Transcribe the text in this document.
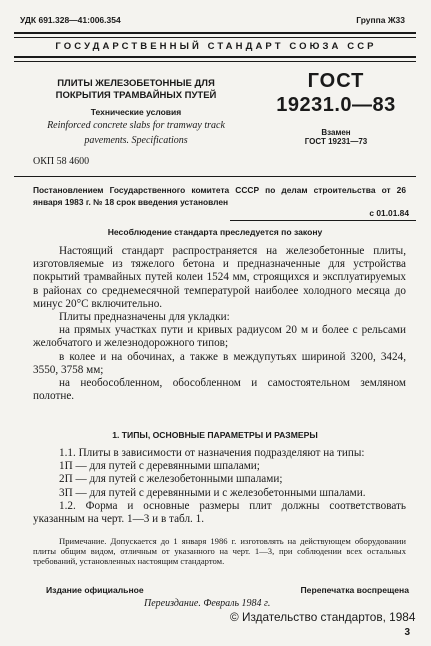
УДК 691.328—41:006.354	Группа Ж33
ГОСУДАРСТВЕННЫЙ СТАНДАРТ СОЮЗА ССР
ПЛИТЫ ЖЕЛЕЗОБЕТОННЫЕ ДЛЯ
ПОКРЫТИЯ ТРАМВАЙНЫХ ПУТЕЙ
Технические условия
Reinforced concrete slabs for tramway track
pavements. Specifications
ГОСТ
19231.0—83
Взамен
ГОСТ 19231—73
ОКП 58 4600
Постановлением Государственного комитета СССР по делам строительства от 26 января 1983 г. № 18 срок введения установлен
с 01.01.84
Несоблюдение стандарта преследуется по закону

Настоящий стандарт распространяется на железобетонные плиты, изготовляемые из тяжелого бетона и предназначенные для устройства покрытий трамвайных путей колеи 1524 мм, строящихся и эксплуатируемых в районах со среднемесячной температурой наиболее холодного месяца до минус 20°С включительно.

Плиты предназначены для укладки:

на прямых участках пути и кривых радиусом 20 м и более с рельсами желобчатого и железнодорожного типов;

в колее и на обочинах, а также в междупутьях шириной 3200, 3424, 3550, 3758 мм;

на необособленном, обособленном и самостоятельном земляном полотне.

1. ТИПЫ, ОСНОВНЫЕ ПАРАМЕТРЫ И РАЗМЕРЫ

1.1. Плиты в зависимости от назначения подразделяют на типы:

1П — для путей с деревянными шпалами;

2П — для путей с железобетонными шпалами;

3П — для путей с деревянными и с железобетонными шпалами.

1.2. Форма и основные размеры плит должны соответствовать указанным на черт. 1—3 и в табл. 1.

Примечание. Допускается до 1 января 1986 г. изготовлять на действующем оборудовании плиты общим видом, отличным от указанного на черт. 1—3, при соблюдении всех остальных требований, установленных настоящим стандартом.

Издание официальное	Перепечатка воспрещена
Переиздание. Февраль 1984 г.
© Издательство стандартов, 1984
3
